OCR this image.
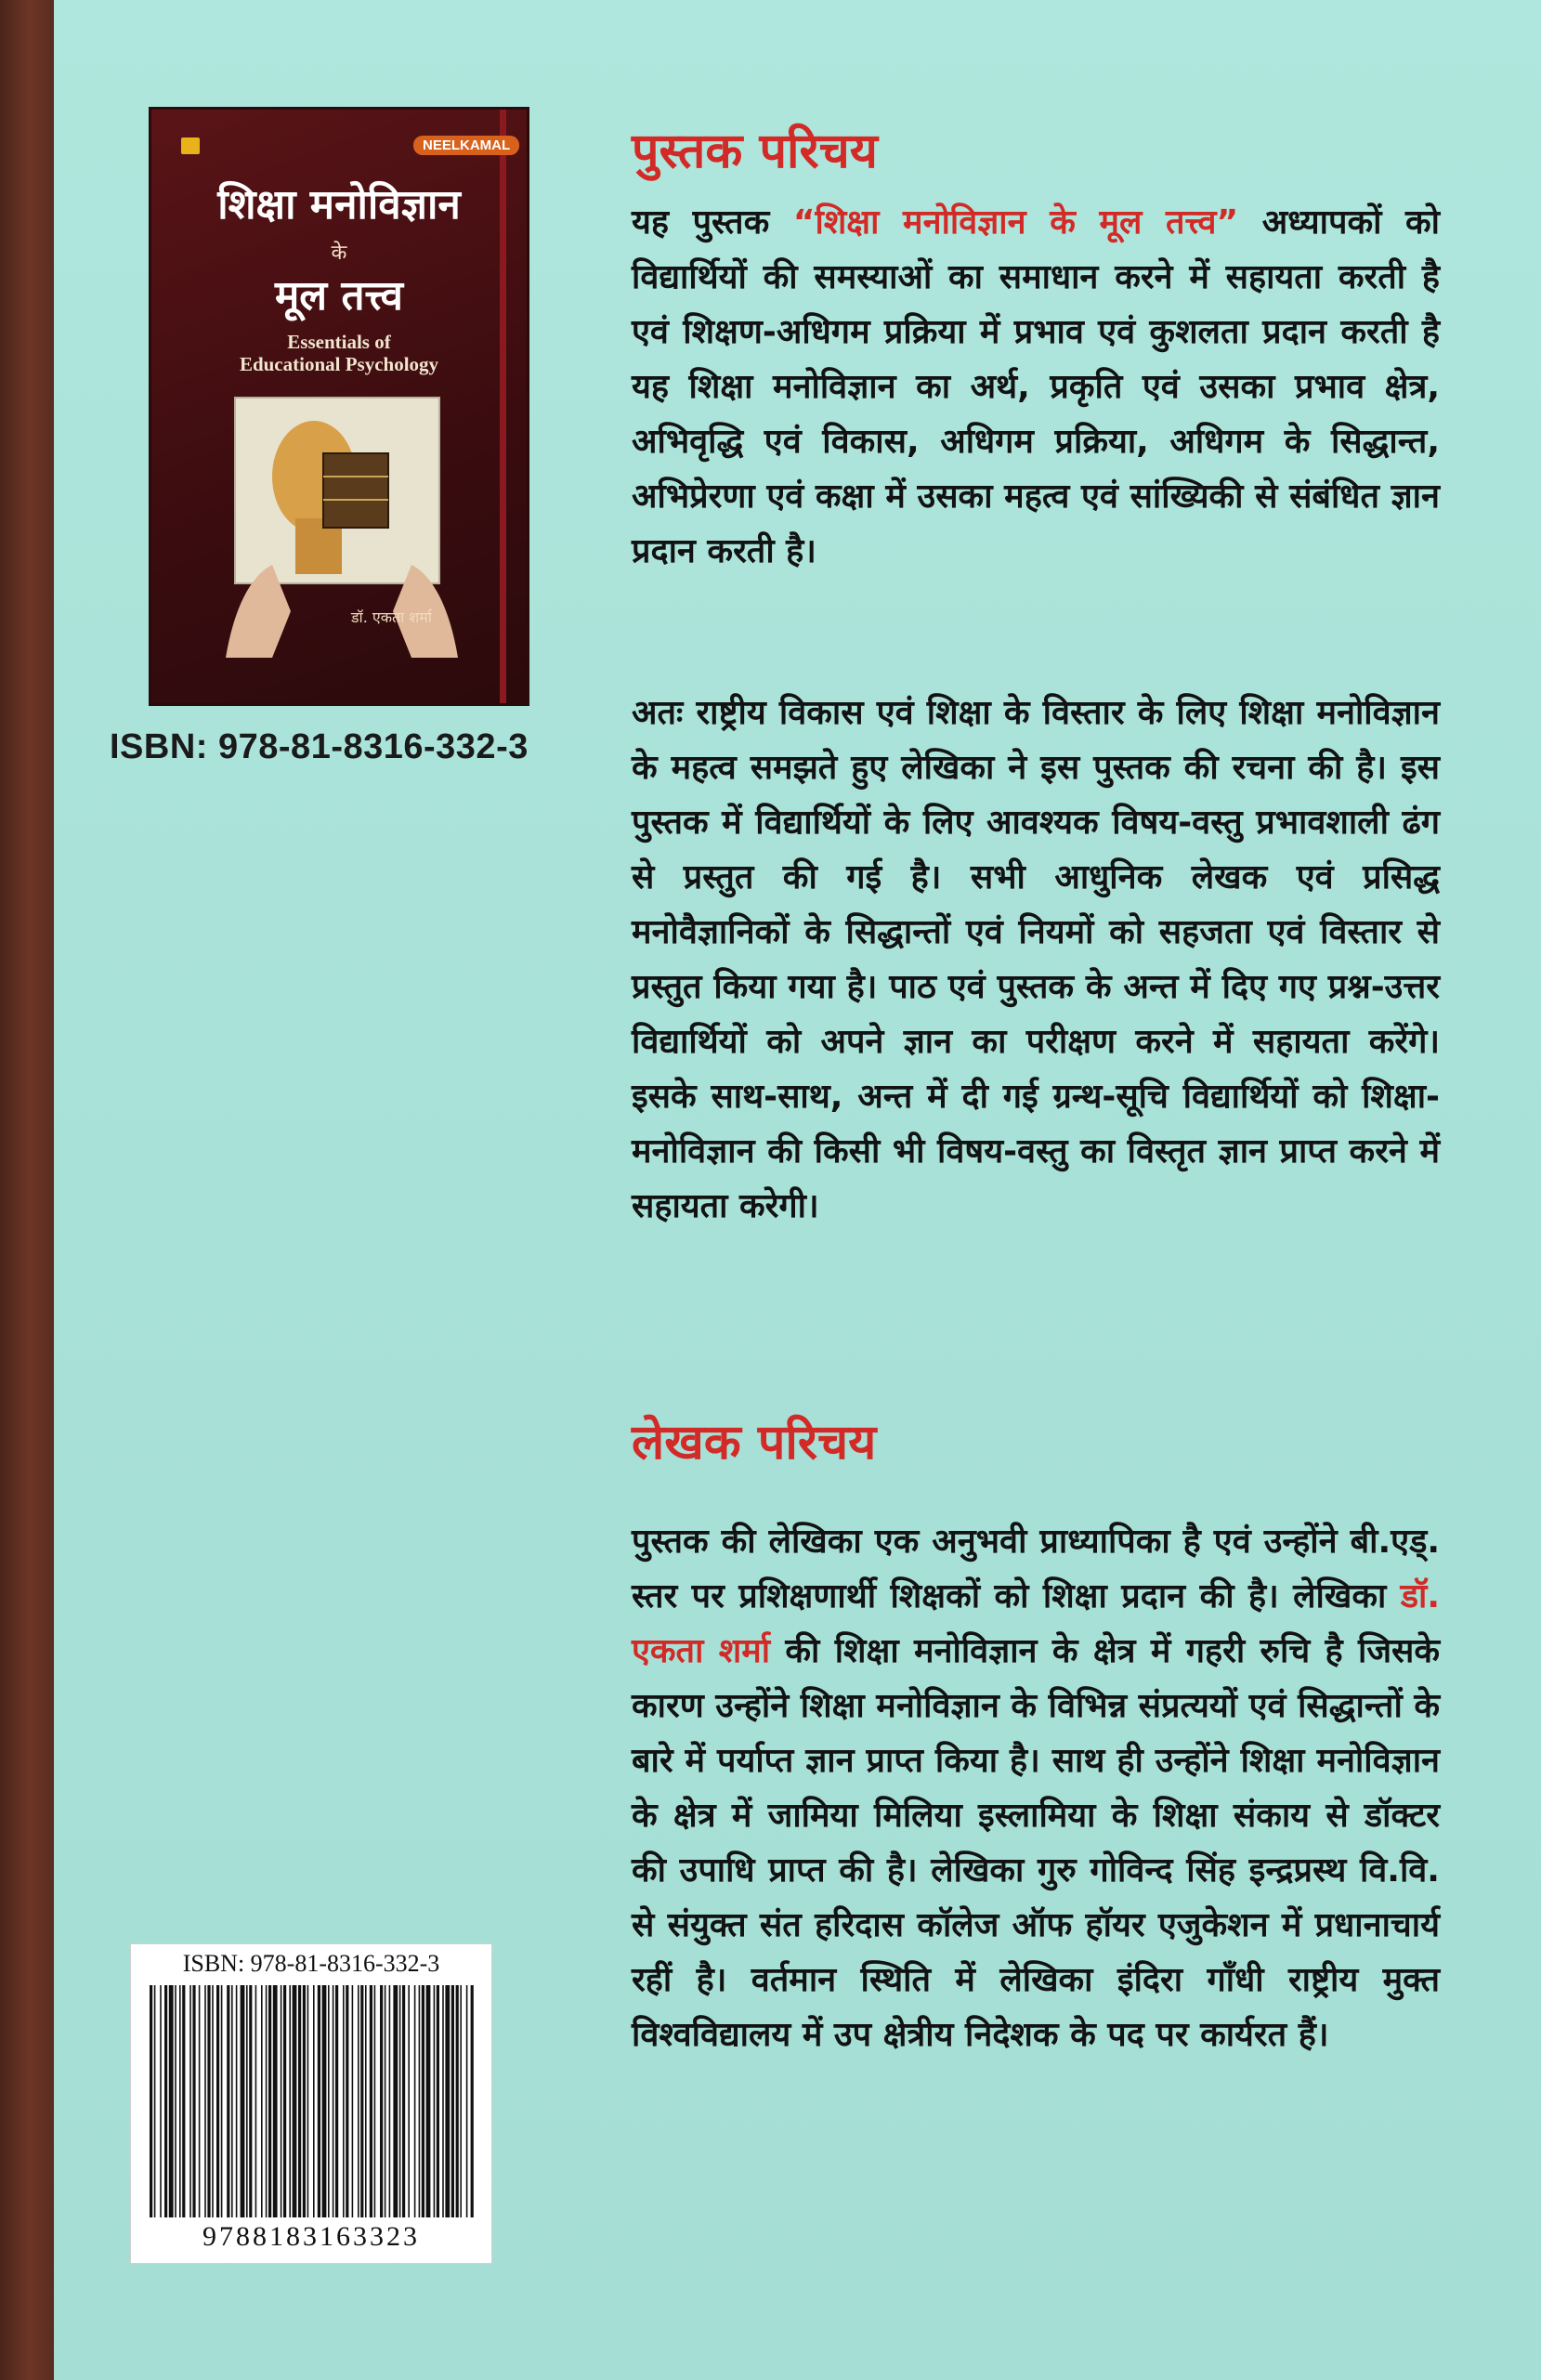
NEELKAMAL
शिक्षा मनोविज्ञान
के
मूल तत्त्व
Essentials of
Educational Psychology
डॉ. एकता शर्मा
ISBN: 978-81-8316-332-3
ISBN: 978-81-8316-332-3
9788183163323
पुस्तक परिचय

यह पुस्तक “शिक्षा मनोविज्ञान के मूल तत्त्व” अध्यापकों को विद्यार्थियों की समस्याओं का समाधान करने में सहायता करती है एवं शिक्षण-अधिगम प्रक्रिया में प्रभाव एवं कुशलता प्रदान करती है यह शिक्षा मनोविज्ञान का अर्थ, प्रकृति एवं उसका प्रभाव क्षेत्र, अभिवृद्धि एवं विकास, अधिगम प्रक्रिया, अधिगम के सिद्धान्त, अभिप्रेरणा एवं कक्षा में उसका महत्व एवं सांख्यिकी से संबंधित ज्ञान प्रदान करती है।

अतः राष्ट्रीय विकास एवं शिक्षा के विस्तार के लिए शिक्षा मनोविज्ञान के महत्व समझते हुए लेखिका ने इस पुस्तक की रचना की है। इस पुस्तक में विद्यार्थियों के लिए आवश्यक विषय-वस्तु प्रभावशाली ढंग से प्रस्तुत की गई है। सभी आधुनिक लेखक एवं प्रसिद्ध मनोवैज्ञानिकों के सिद्धान्तों एवं नियमों को सहजता एवं विस्तार से प्रस्तुत किया गया है। पाठ एवं पुस्तक के अन्त में दिए गए प्रश्न-उत्तर विद्यार्थियों को अपने ज्ञान का परीक्षण करने में सहायता करेंगे। इसके साथ-साथ, अन्त में दी गई ग्रन्थ-सूचि विद्यार्थियों को शिक्षा-मनोविज्ञान की किसी भी विषय-वस्तु का विस्तृत ज्ञान प्राप्त करने में सहायता करेगी।

लेखक परिचय

पुस्तक की लेखिका एक अनुभवी प्राध्यापिका है एवं उन्होंने बी.एड्. स्तर पर प्रशिक्षणार्थी शिक्षकों को शिक्षा प्रदान की है। लेखिका डॉ. एकता शर्मा की शिक्षा मनोविज्ञान के क्षेत्र में गहरी रुचि है जिसके कारण उन्होंने शिक्षा मनोविज्ञान के विभिन्न संप्रत्ययों एवं सिद्धान्तों के बारे में पर्याप्त ज्ञान प्राप्त किया है। साथ ही उन्होंने शिक्षा मनोविज्ञान के क्षेत्र में जामिया मिलिया इस्लामिया के शिक्षा संकाय से डॉक्टर की उपाधि प्राप्त की है। लेखिका गुरु गोविन्द सिंह इन्द्रप्रस्थ वि.वि. से संयुक्त संत हरिदास कॉलेज ऑफ हॉयर एजुकेशन में प्रधानाचार्य रहीं है। वर्तमान स्थिति में लेखिका इंदिरा गाँधी राष्ट्रीय मुक्त विश्वविद्यालय में उप क्षेत्रीय निदेशक के पद पर कार्यरत हैं।
